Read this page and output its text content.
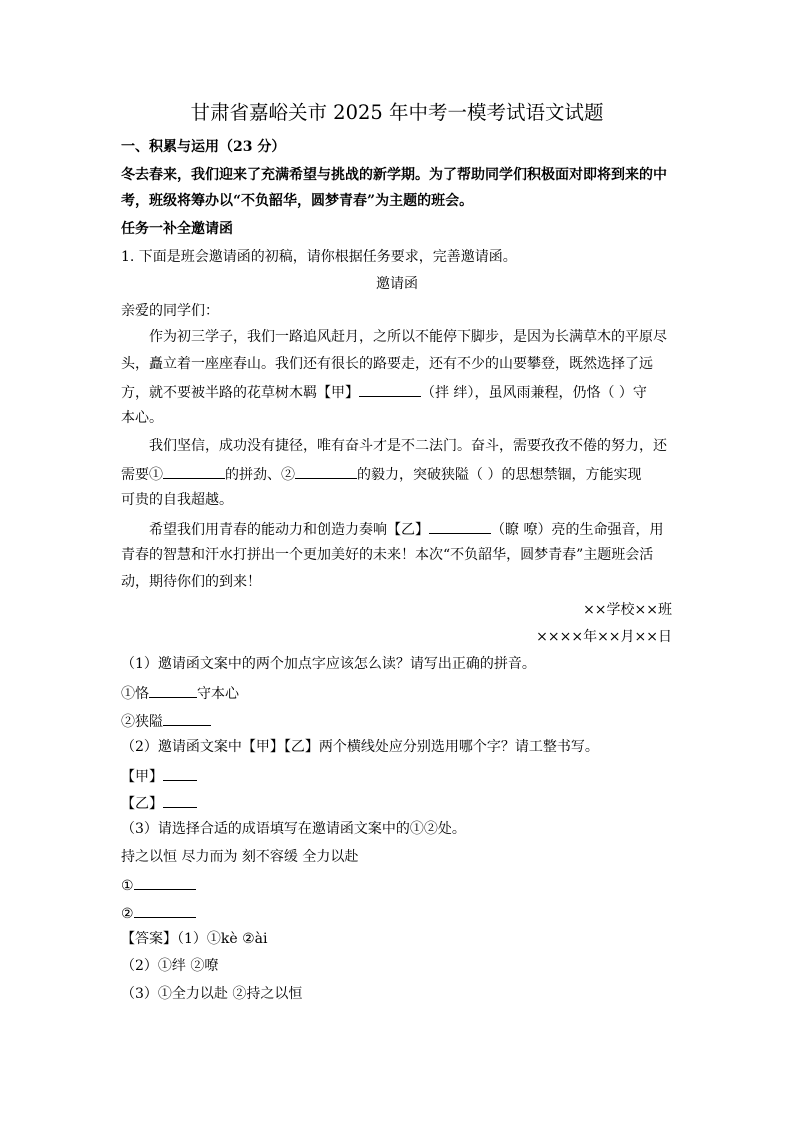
甘肃省嘉峪关市 2025 年中考一模考试语文试题
一、积累与运用（23 分）
冬去春来，我们迎来了充满希望与挑战的新学期。为了帮助同学们积极面对即将到来的中
考，班级将筹办以“不负韶华，圆梦青春”为主题的班会。
任务一补全邀请函
1. 下面是班会邀请函的初稿，请你根据任务要求，完善邀请函。
邀请函
亲爱的同学们：
作为初三学子，我们一路追风赶月，之所以不能停下脚步，是因为长满草木的平原尽
头，矗立着一座座春山。我们还有很长的路要走，还有不少的山要攀登，既然选择了远
方，就不要被半路的花草树木羁【甲】	（拌 绊），虽风雨兼程，仍恪（ ）守
本心。
我们坚信，成功没有捷径，唯有奋斗才是不二法门。奋斗，需要孜孜不倦的努力，还
需要①	的拼劲、②	的毅力，突破狭隘（ ）的思想禁锢，方能实现
可贵的自我超越。
希望我们用青春的能动力和创造力奏响【乙】	（瞭 嘹）亮的生命强音，用
青春的智慧和汗水打拼出一个更加美好的未来！本次“不负韶华，圆梦青春”主题班会活
动，期待你们的到来！
××学校××班
××××年××月××日
（1）邀请函文案中的两个加点字应该怎么读？请写出正确的拼音。
①恪	守本心
②狭隘
（2）邀请函文案中【甲】【乙】两个横线处应分别选用哪个字？请工整书写。
【甲】
【乙】
（3）请选择合适的成语填写在邀请函文案中的①②处。
持之以恒 尽力而为 刻不容缓 全力以赴
①
②
【答案】（1）①kè ②ài
（2）①绊 ②嘹
（3）①全力以赴 ②持之以恒
